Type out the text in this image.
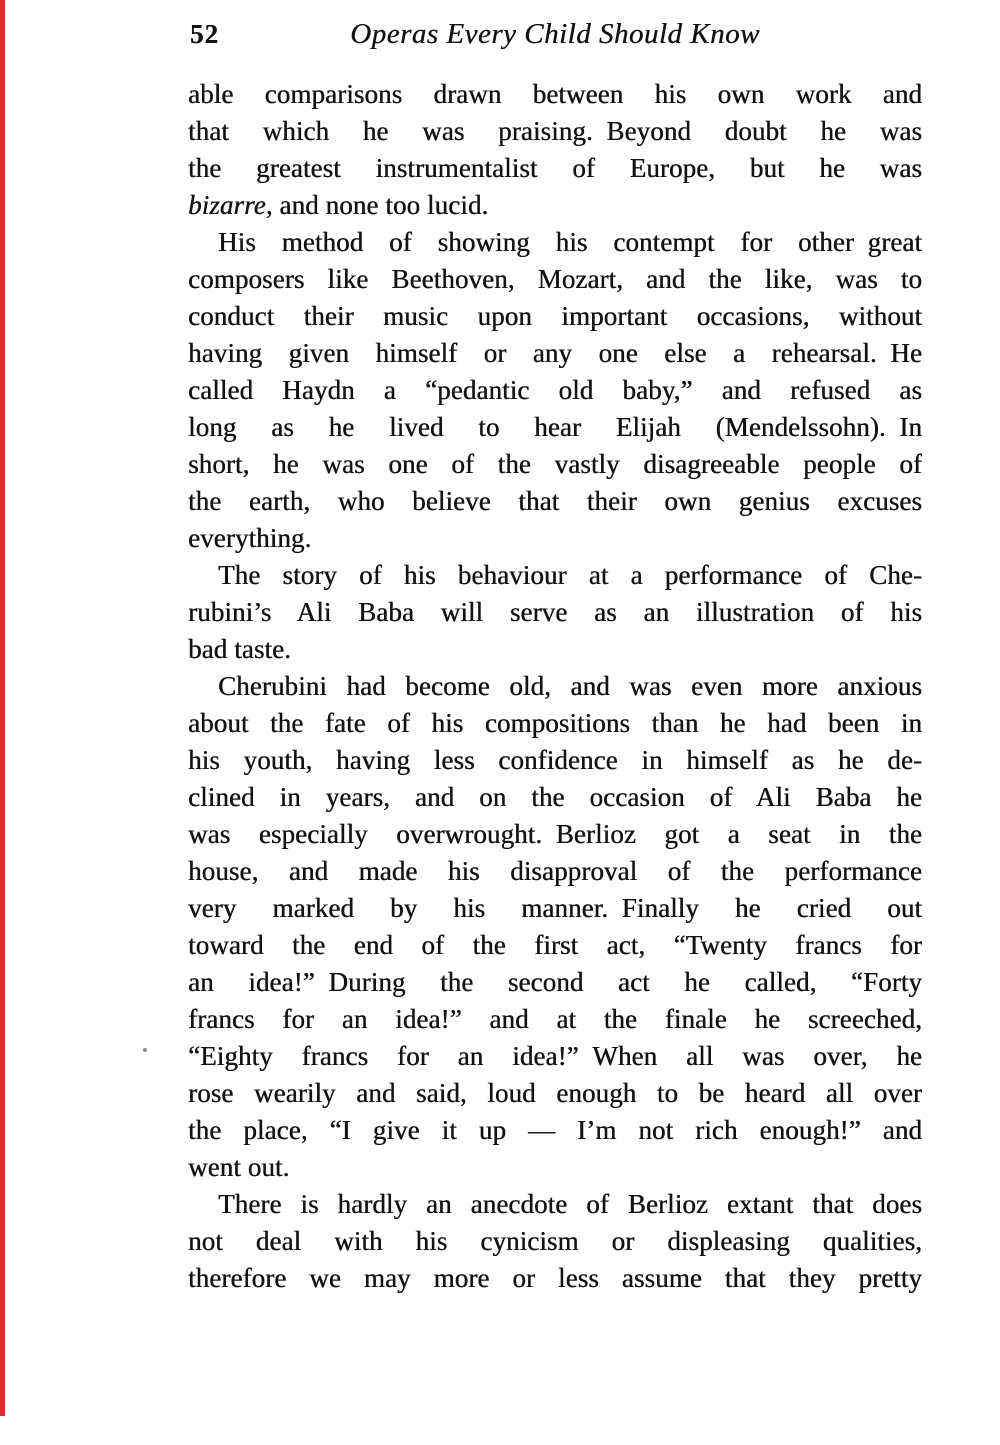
52	Operas Every Child Should Know
able comparisons drawn between his own work and
that which he was praising. Beyond doubt he was
the greatest instrumentalist of Europe, but he was
bizarre, and none too lucid.
His method of showing his contempt for other great
composers like Beethoven, Mozart, and the like, was to
conduct their music upon important occasions, without
having given himself or any one else a rehearsal. He
called Haydn a “pedantic old baby,” and refused as
long as he lived to hear Elijah (Mendelssohn). In
short, he was one of the vastly disagreeable people of
the earth, who believe that their own genius excuses
everything.
The story of his behaviour at a performance of Che-
rubini’s Ali Baba will serve as an illustration of his
bad taste.
Cherubini had become old, and was even more anxious
about the fate of his compositions than he had been in
his youth, having less confidence in himself as he de-
clined in years, and on the occasion of Ali Baba he
was especially overwrought. Berlioz got a seat in the
house, and made his disapproval of the performance
very marked by his manner. Finally he cried out
toward the end of the first act, “Twenty francs for
an idea!” During the second act he called, “Forty
francs for an idea!” and at the finale he screeched,
“Eighty francs for an idea!” When all was over, he
rose wearily and said, loud enough to be heard all over
the place, “I give it up — I’m not rich enough!” and
went out.
There is hardly an anecdote of Berlioz extant that does
not deal with his cynicism or displeasing qualities,
therefore we may more or less assume that they pretty
